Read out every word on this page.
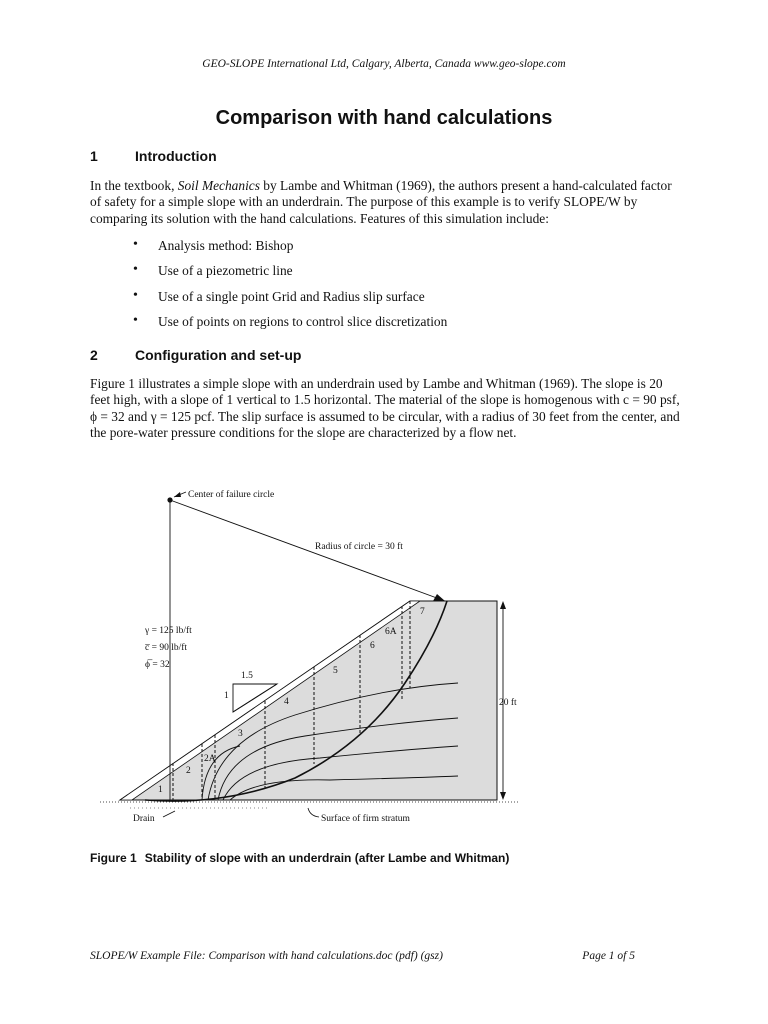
GEO-SLOPE International Ltd, Calgary, Alberta, Canada www.geo-slope.com
Comparison with hand calculations
1	Introduction
In the textbook, Soil Mechanics by Lambe and Whitman (1969), the authors present a hand-calculated factor of safety for a simple slope with an underdrain. The purpose of this example is to verify SLOPE/W by comparing its solution with the hand calculations. Features of this simulation include:
• Analysis method: Bishop
• Use of a piezometric line
• Use of a single point Grid and Radius slip surface
• Use of points on regions to control slice discretization
2	Configuration and set-up
Figure 1 illustrates a simple slope with an underdrain used by Lambe and Whitman (1969). The slope is 20 feet high, with a slope of 1 vertical to 1.5 horizontal. The material of the slope is homogenous with c = 90 psf, ϕ = 32 and γ = 125 pcf. The slip surface is assumed to be circular, with a radius of 30 feet from the center, and the pore-water pressure conditions for the slope are characterized by a flow net.
Center of failure circle
Radius of circle = 30 ft
γ = 125 lb/ft
c̅ = 90 lb/ft
ϕ̅ = 32
1.5
1
20 ft
1
2
2A
3
4
5
6
6A
7
Drain	Surface of firm stratum
Figure 1 Stability of slope with an underdrain (after Lambe and Whitman)
SLOPE/W Example File: Comparison with hand calculations.doc (pdf) (gsz)	Page 1 of 5
